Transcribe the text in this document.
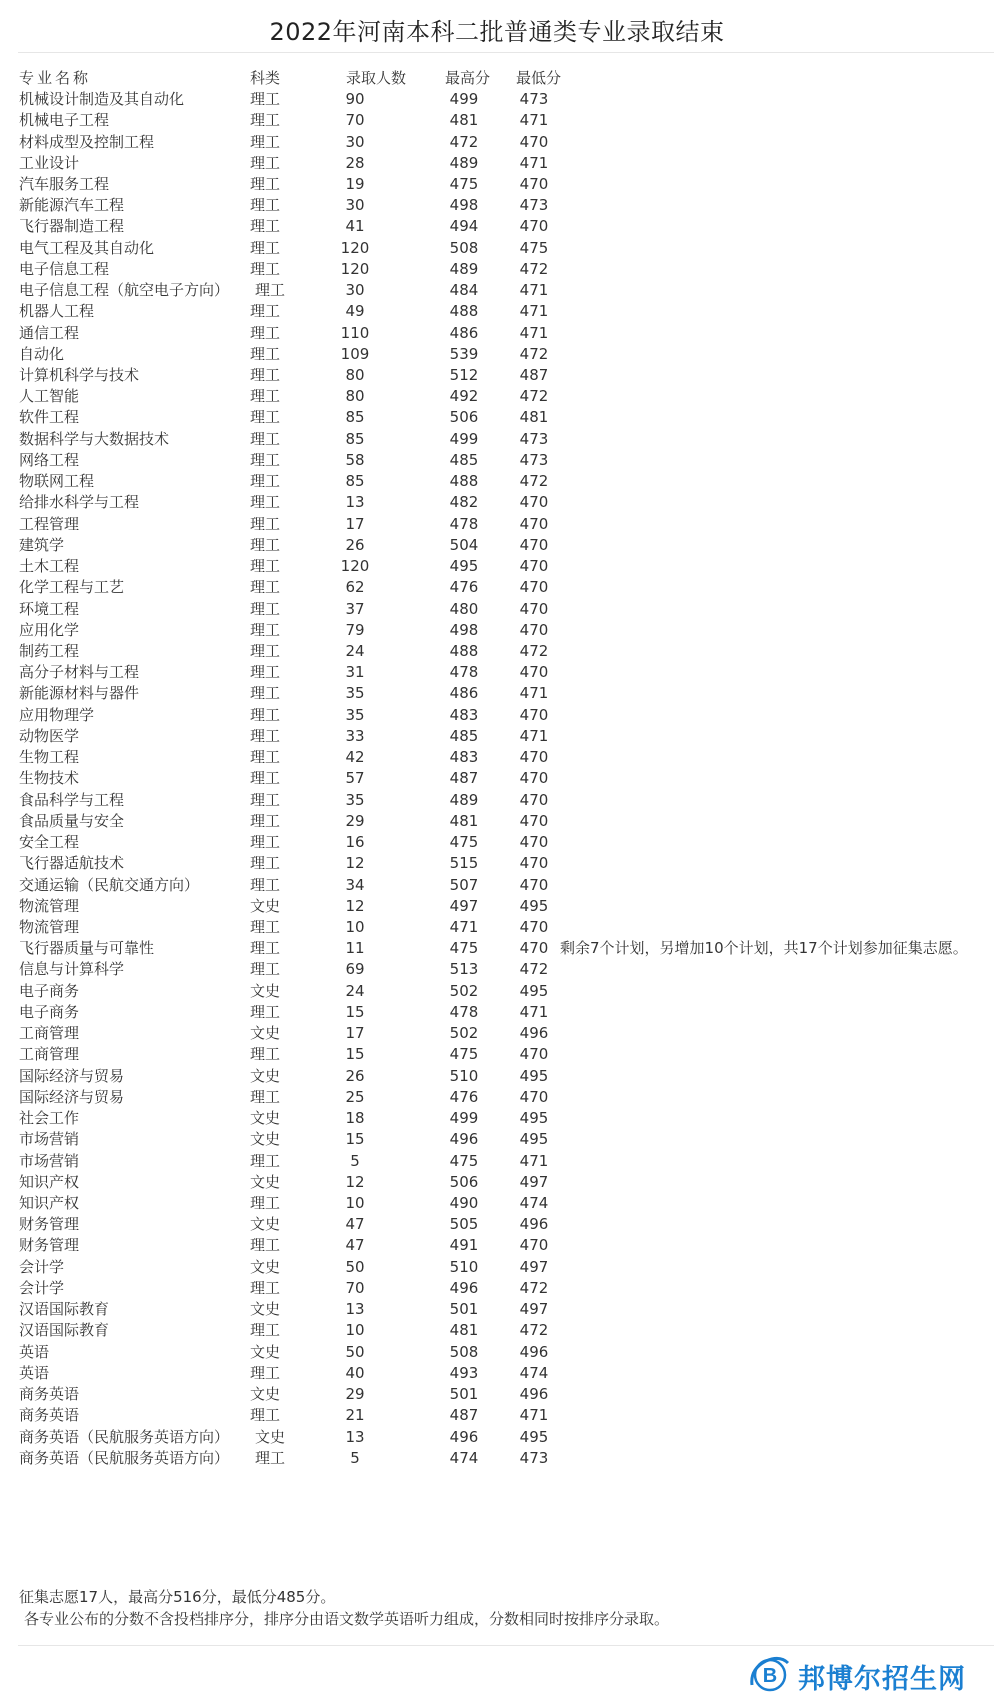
2022年河南本科二批普通类专业录取结束
专业名称	科类	录取人数	最高分 最低分
机械设计制造及其自动化	理工	90	499	473
机械电子工程	理工	70	481	471
材料成型及控制工程	理工	30	472	470
工业设计	理工	28	489	471
汽车服务工程	理工	19	475	470
新能源汽车工程	理工	30	498	473
飞行器制造工程	理工	41	494	470
电气工程及其自动化	理工	120	508	475
电子信息工程	理工	120	489	472
电子信息工程（航空电子方向） 理工	30	484	471
机器人工程	理工	49	488	471
通信工程	理工	110	486	471
自动化	理工	109	539	472
计算机科学与技术	理工	80	512	487
人工智能	理工	80	492	472
软件工程	理工	85	506	481
数据科学与大数据技术	理工	85	499	473
网络工程	理工	58	485	473
物联网工程	理工	85	488	472
给排水科学与工程	理工	13	482	470
工程管理	理工	17	478	470
建筑学	理工	26	504	470
土木工程	理工	120	495	470
化学工程与工艺	理工	62	476	470
环境工程	理工	37	480	470
应用化学	理工	79	498	470
制药工程	理工	24	488	472
高分子材料与工程	理工	31	478	470
新能源材料与器件	理工	35	486	471
应用物理学	理工	35	483	470
动物医学	理工	33	485	471
生物工程	理工	42	483	470
生物技术	理工	57	487	470
食品科学与工程	理工	35	489	470
食品质量与安全	理工	29	481	470
安全工程	理工	16	475	470
飞行器适航技术	理工	12	515	470
交通运输（民航交通方向）	理工	34	507	470
物流管理	文史	12	497	495
物流管理	理工	10	471	470
飞行器质量与可靠性	理工	11	475	470 剩余7个计划，另增加10个计划，共17个计划参加征集志愿。
信息与计算科学	理工	69	513	472
电子商务	文史	24	502	495
电子商务	理工	15	478	471
工商管理	文史	17	502	496
工商管理	理工	15	475	470
国际经济与贸易	文史	26	510	495
国际经济与贸易	理工	25	476	470
社会工作	文史	18	499	495
市场营销	文史	15	496	495
市场营销	理工	5	475	471
知识产权	文史	12	506	497
知识产权	理工	10	490	474
财务管理	文史	47	505	496
财务管理	理工	47	491	470
会计学	文史	50	510	497
会计学	理工	70	496	472
汉语国际教育	文史	13	501	497
汉语国际教育	理工	10	481	472
英语	文史	50	508	496
英语	理工	40	493	474
商务英语	文史	29	501	496
商务英语	理工	21	487	471
商务英语（民航服务英语方向） 文史	13	496	495
商务英语（民航服务英语方向） 理工	5	474	473
征集志愿17人，最高分516分，最低分485分。
各专业公布的分数不含投档排序分，排序分由语文数学英语听力组成，分数相同时按排序分录取。
B 邦博尔招生网
